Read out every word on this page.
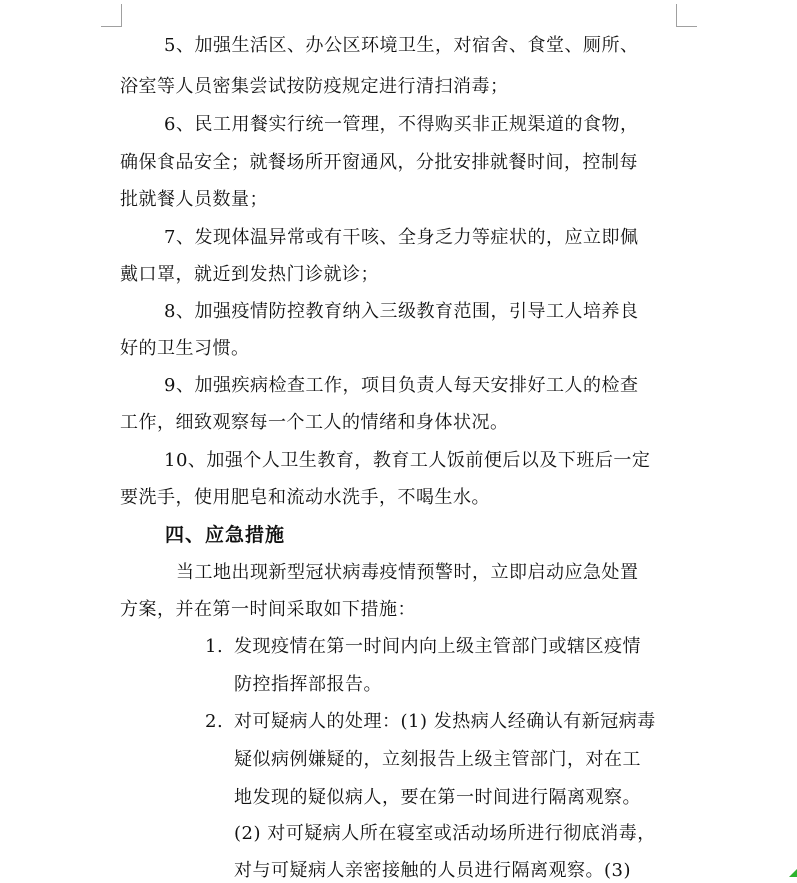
5、加强生活区、办公区环境卫生，对宿舍、食堂、厕所、
浴室等人员密集尝试按防疫规定进行清扫消毒；
6、民工用餐实行统一管理，不得购买非正规渠道的食物，
确保食品安全；就餐场所开窗通风，分批安排就餐时间，控制每
批就餐人员数量；
7、发现体温异常或有干咳、全身乏力等症状的，应立即佩
戴口罩，就近到发热门诊就诊；
8、加强疫情防控教育纳入三级教育范围，引导工人培养良
好的卫生习惯。
9、加强疾病检查工作，项目负责人每天安排好工人的检查
工作，细致观察每一个工人的情绪和身体状况。
10、加强个人卫生教育，教育工人饭前便后以及下班后一定
要洗手，使用肥皂和流动水洗手，不喝生水。
四、应急措施
当工地出现新型冠状病毒疫情预警时，立即启动应急处置
方案，并在第一时间采取如下措施：
1. 发现疫情在第一时间内向上级主管部门或辖区疫情
防控指挥部报告。
2. 对可疑病人的处理：(1) 发热病人经确认有新冠病毒
疑似病例嫌疑的，立刻报告上级主管部门，对在工
地发现的疑似病人，要在第一时间进行隔离观察。
(2) 对可疑病人所在寝室或活动场所进行彻底消毒，
对与可疑病人亲密接触的人员进行隔离观察。(3)
